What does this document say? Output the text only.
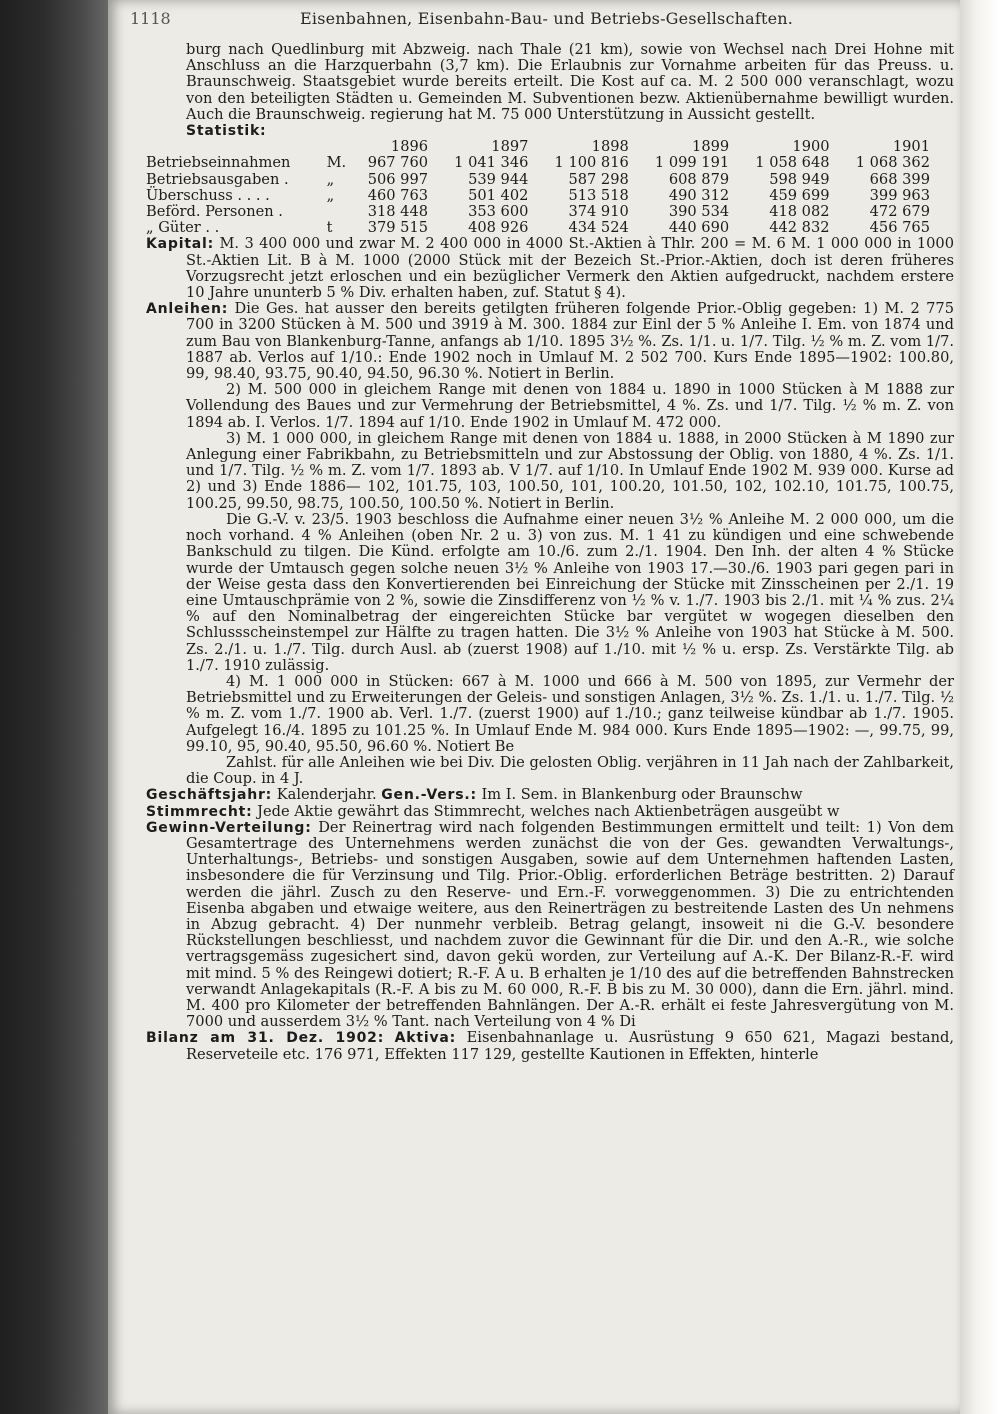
1118	Eisenbahnen, Eisenbahn-Bau- und Betriebs-Gesellschaften.

burg nach Quedlinburg mit Abzweig. nach Thale (21 km), sowie von Wechsel nach Drei Hohne mit Anschluss an die Harzquerbahn (3,7 km). Die Erlaubnis zur Vornahme arbeiten für das Preuss. u. Braunschweig. Staatsgebiet wurde bereits erteilt. Die Kost auf ca. M. 2 500 000 veranschlagt, wozu von den beteiligten Städten u. Gemeinden M. Subventionen bezw. Aktienübernahme bewilligt wurden. Auch die Braunschweig. regierung hat M. 75 000 Unterstützung in Aussicht gestellt.

Statistik:
		1896	1897	1898	1899	1900	1901
Betriebseinnahmen	M.	967 760	1 041 346	1 100 816	1 099 191	1 058 648	1 068 362
Betriebsausgaben .	„	506 997	539 944	587 298	608 879	598 949	668 399
Überschuss . . . .	„	460 763	501 402	513 518	490 312	459 699	399 963
Beförd. Personen .		318 448	353 600	374 910	390 534	418 082	472 679
„ Güter . .	t	379 515	408 926	434 524	440 690	442 832	456 765

Kapital: M. 3 400 000 und zwar M. 2 400 000 in 4000 St.-Aktien à Thlr. 200 = M. 6 M. 1 000 000 in 1000 St.-Aktien Lit. B à M. 1000 (2000 Stück mit der Bezeich St.-Prior.-Aktien, doch ist deren früheres Vorzugsrecht jetzt erloschen und ein bezüglicher Vermerk den Aktien aufgedruckt, nachdem erstere 10 Jahre ununterb 5 % Div. erhalten haben, zuf. Statut § 4).

Anleihen: Die Ges. hat ausser den bereits getilgten früheren folgende Prior.-Oblig gegeben: 1) M. 2 775 700 in 3200 Stücken à M. 500 und 3919 à M. 300. 1884 zur Einl der 5 % Anleihe I. Em. von 1874 und zum Bau von Blankenburg-Tanne, anfangs ab 1/10. 1895 3½ %. Zs. 1/1. u. 1/7. Tilg. ½ % m. Z. vom 1/7. 1887 ab. Verlos auf 1/10.: Ende 1902 noch in Umlauf M. 2 502 700. Kurs Ende 1895—1902: 100.80, 99, 98.40, 93.75, 90.40, 94.50, 96.30 %. Notiert in Berlin.

2) M. 500 000 in gleichem Range mit denen von 1884 u. 1890 in 1000 Stücken à M 1888 zur Vollendung des Baues und zur Vermehrung der Betriebsmittel, 4 %. Zs. und 1/7. Tilg. ½ % m. Z. von 1894 ab. I. Verlos. 1/7. 1894 auf 1/10. Ende 1902 in Umlauf M. 472 000.

3) M. 1 000 000, in gleichem Range mit denen von 1884 u. 1888, in 2000 Stücken à M 1890 zur Anlegung einer Fabrikbahn, zu Betriebsmitteln und zur Abstossung der Oblig. von 1880, 4 %. Zs. 1/1. und 1/7. Tilg. ½ % m. Z. vom 1/7. 1893 ab. V 1/7. auf 1/10. In Umlauf Ende 1902 M. 939 000. Kurse ad 2) und 3) Ende 1886— 102, 101.75, 103, 100.50, 101, 100.20, 101.50, 102, 102.10, 101.75, 100.75, 100.25, 99.50, 98.75, 100.50, 100.50 %. Notiert in Berlin.

Die G.-V. v. 23/5. 1903 beschloss die Aufnahme einer neuen 3½ % Anleihe M. 2 000 000, um die noch vorhand. 4 % Anleihen (oben Nr. 2 u. 3) von zus. M. 1 41 zu kündigen und eine schwebende Bankschuld zu tilgen. Die Künd. erfolgte am 10./6. zum 2./1. 1904. Den Inh. der alten 4 % Stücke wurde der Umtausch gegen solche neuen 3½ % Anleihe von 1903 17.—30./6. 1903 pari gegen pari in der Weise gesta dass den Konvertierenden bei Einreichung der Stücke mit Zinsscheinen per 2./1. 19 eine Umtauschprämie von 2 %, sowie die Zinsdifferenz von ½ % v. 1./7. 1903 bis 2./1. mit ¼ % zus. 2¼ % auf den Nominalbetrag der eingereichten Stücke bar vergütet w wogegen dieselben den Schlussscheinstempel zur Hälfte zu tragen hatten. Die 3½ % Anleihe von 1903 hat Stücke à M. 500. Zs. 2./1. u. 1./7. Tilg. durch Ausl. ab (zuerst 1908) auf 1./10. mit ½ % u. ersp. Zs. Verstärkte Tilg. ab 1./7. 1910 zulässig.

4) M. 1 000 000 in Stücken: 667 à M. 1000 und 666 à M. 500 von 1895, zur Vermehr der Betriebsmittel und zu Erweiterungen der Geleis- und sonstigen Anlagen, 3½ %. Zs. 1./1. u. 1./7. Tilg. ½ % m. Z. vom 1./7. 1900 ab. Verl. 1./7. (zuerst 1900) auf 1./10.; ganz teilweise kündbar ab 1./7. 1905. Aufgelegt 16./4. 1895 zu 101.25 %. In Umlauf Ende M. 984 000. Kurs Ende 1895—1902: —, 99.75, 99, 99.10, 95, 90.40, 95.50, 96.60 %. Notiert Be

Zahlst. für alle Anleihen wie bei Div. Die gelosten Oblig. verjähren in 11 Jah nach der Zahlbarkeit, die Coup. in 4 J.

Geschäftsjahr: Kalenderjahr. Gen.-Vers.: Im I. Sem. in Blankenburg oder Braunschw

Stimmrecht: Jede Aktie gewährt das Stimmrecht, welches nach Aktienbeträgen ausgeübt w

Gewinn-Verteilung: Der Reinertrag wird nach folgenden Bestimmungen ermittelt und teilt: 1) Von dem Gesamtertrage des Unternehmens werden zunächst die von der Ges. gewandten Verwaltungs-, Unterhaltungs-, Betriebs- und sonstigen Ausgaben, sowie auf dem Unternehmen haftenden Lasten, insbesondere die für Verzinsung und Tilg. Prior.-Oblig. erforderlichen Beträge bestritten. 2) Darauf werden die jährl. Zusch zu den Reserve- und Ern.-F. vorweggenommen. 3) Die zu entrichtenden Eisenba abgaben und etwaige weitere, aus den Reinerträgen zu bestreitende Lasten des Un nehmens in Abzug gebracht. 4) Der nunmehr verbleib. Betrag gelangt, insoweit ni die G.-V. besondere Rückstellungen beschliesst, und nachdem zuvor die Gewinnant für die Dir. und den A.-R., wie solche vertragsgemäss zugesichert sind, davon gekü worden, zur Verteilung auf A.-K. Der Bilanz-R.-F. wird mit mind. 5 % des Reingewi dotiert; R.-F. A u. B erhalten je 1/10 des auf die betreffenden Bahnstrecken verwandt Anlagekapitals (R.-F. A bis zu M. 60 000, R.-F. B bis zu M. 30 000), dann die Ern. jährl. mind. M. 400 pro Kilometer der betreffenden Bahnlängen. Der A.-R. erhält ei feste Jahresvergütung von M. 7000 und ausserdem 3½ % Tant. nach Verteilung von 4 % Di

Bilanz am 31. Dez. 1902: Aktiva: Eisenbahnanlage u. Ausrüstung 9 650 621, Magazi bestand, Reserveteile etc. 176 971, Effekten 117 129, gestellte Kautionen in Effekten, hinterle
